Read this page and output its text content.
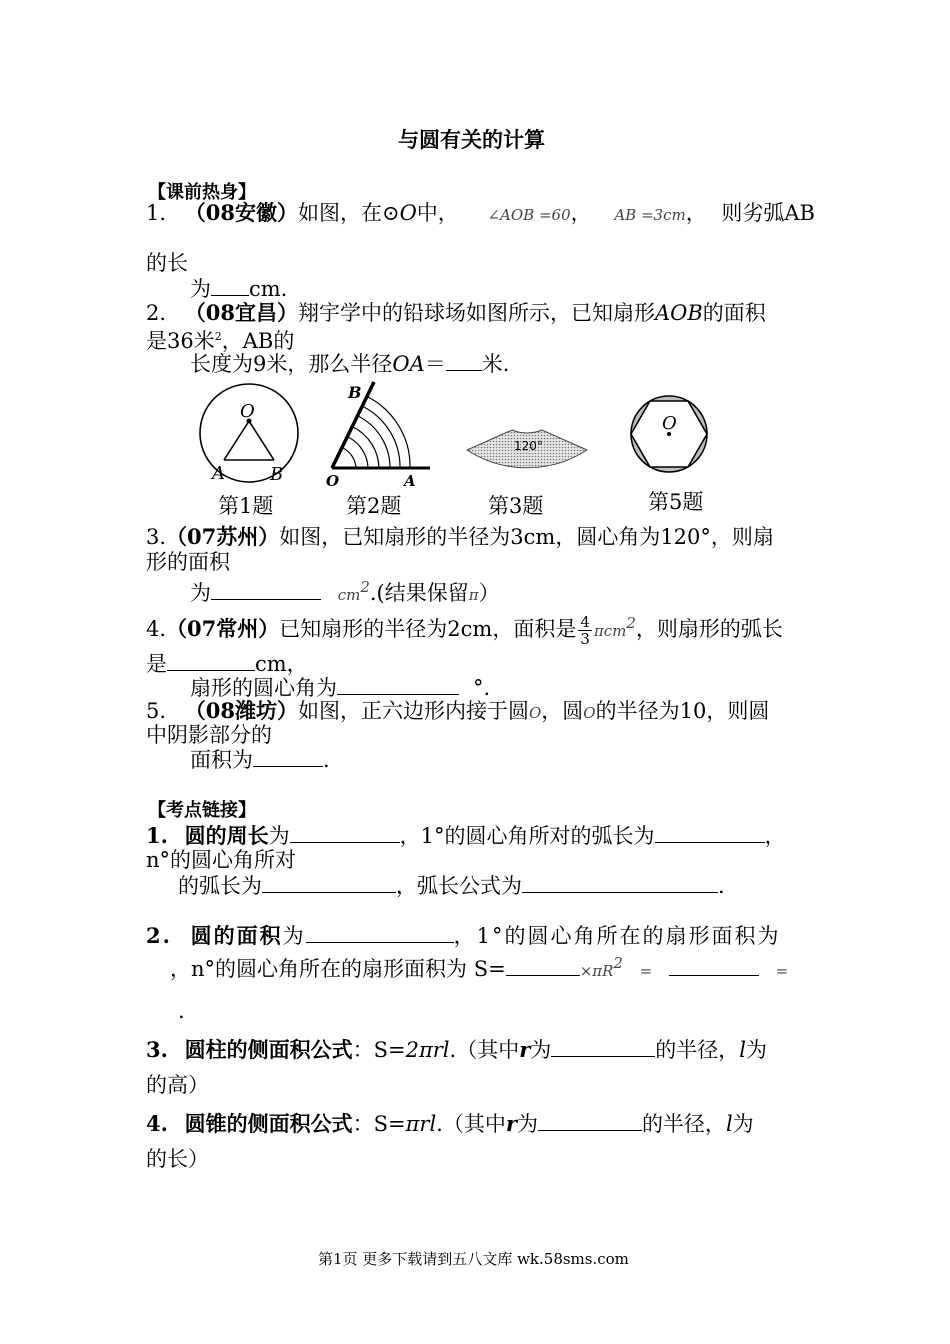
与圆有关的计算
【课前热身】
1. （08安徽）如图，在⊙O中， ∠AOB =60， AB =3cm， 则劣弧AB
的长
为 cm.
2. （08宜昌）翔宇学中的铅球场如图所示，已知扇形AOB的面积
是36米$^2$，AB的
长度为9米，那么半径OA＝ 米.
O
A	B
B
O	A
120°
O
第1题	第2题	第3题	第5题
3.（07苏州）如图，已知扇形的半径为3cm，圆心角为120°，则扇
形的面积
为	$cm^2$.(结果保留π）
4.（07常州）已知扇形的半径为2cm，面积是 $\frac{4}{3} \pi cm^2$，则扇形的弧长
是	cm，
扇形的圆心角为	°.
5. （08潍坊）如图，正六边形内接于圆O，圆O的半径为10，则圆
中阴影部分的
面积为	.
【考点链接】
1. 圆的周长为	，1°的圆心角所对的弧长为	，
n°的圆心角所对
的弧长为	，弧长公式为	.
2. 圆的面积为	，1°的圆心角所在的扇形面积为
，n°的圆心角所在的扇形面积为 S=	$\times\pi R^2$ =	=
.
3. 圆柱的侧面积公式：S=2πrl.（其中r为	的半径，l为
的高）
4. 圆锥的侧面积公式：S=πrl.（其中r为	的半径，l为
的长）
第1页 更多下载请到五八文库 wk.58sms.com
